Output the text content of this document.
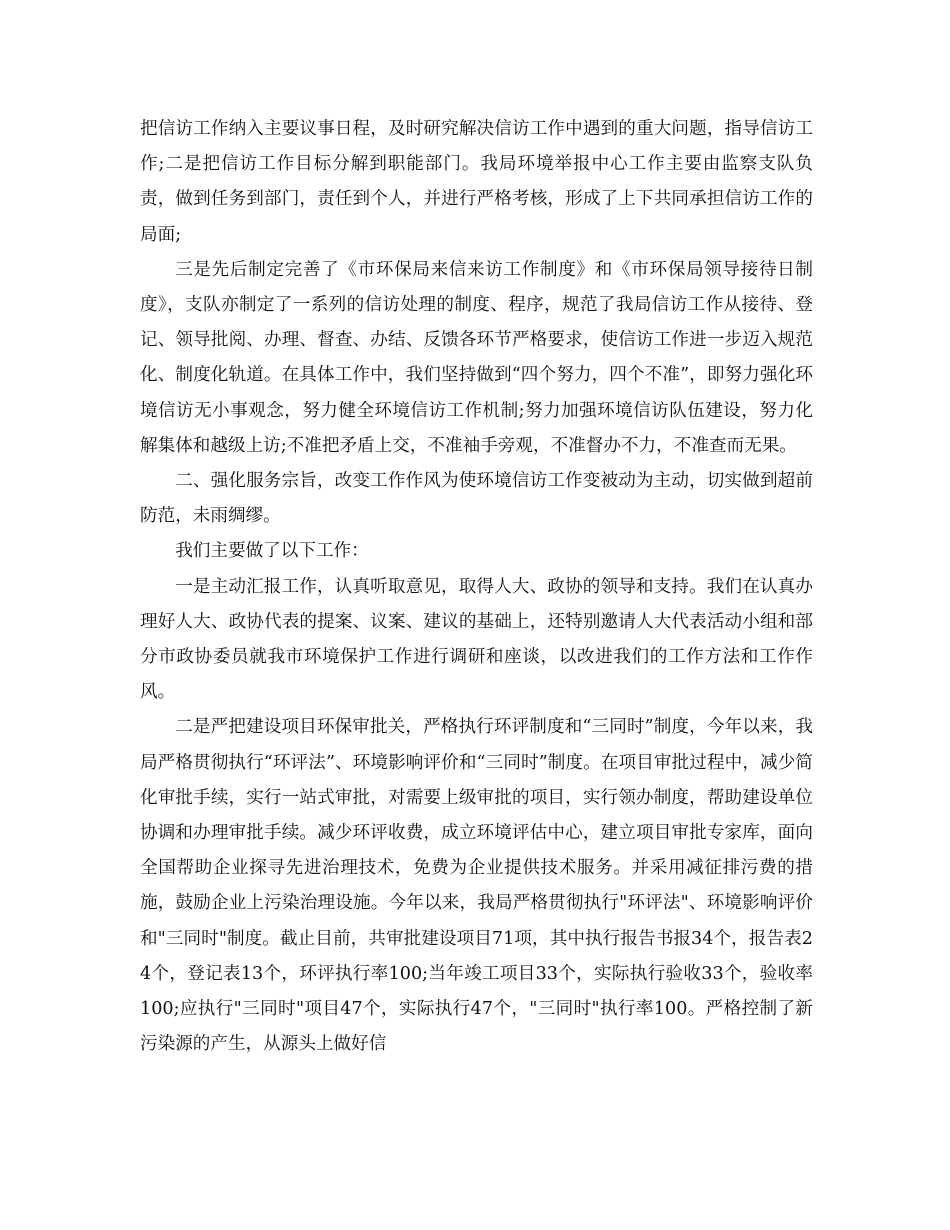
把信访工作纳入主要议事日程，及时研究解决信访工作中遇到的重大问题，指导信访工作;二是把信访工作目标分解到职能部门。我局环境举报中心工作主要由监察支队负责，做到任务到部门，责任到个人，并进行严格考核，形成了上下共同承担信访工作的局面;

三是先后制定完善了《市环保局来信来访工作制度》和《市环保局领导接待日制度》，支队亦制定了一系列的信访处理的制度、程序，规范了我局信访工作从接待、登记、领导批阅、办理、督查、办结、反馈各环节严格要求，使信访工作进一步迈入规范化、制度化轨道。在具体工作中，我们坚持做到“四个努力，四个不准”，即努力强化环境信访无小事观念，努力健全环境信访工作机制;努力加强环境信访队伍建设，努力化解集体和越级上访;不准把矛盾上交，不准袖手旁观，不准督办不力，不准查而无果。

二、强化服务宗旨，改变工作作风为使环境信访工作变被动为主动，切实做到超前防范，未雨绸缪。

我们主要做了以下工作：

一是主动汇报工作，认真听取意见，取得人大、政协的领导和支持。我们在认真办理好人大、政协代表的提案、议案、建议的基础上，还特别邀请人大代表活动小组和部分市政协委员就我市环境保护工作进行调研和座谈，以改进我们的工作方法和工作作风。

二是严把建设项目环保审批关，严格执行环评制度和“三同时”制度，今年以来，我局严格贯彻执行“环评法”、环境影响评价和“三同时”制度。在项目审批过程中，减少简化审批手续，实行一站式审批，对需要上级审批的项目，实行领办制度，帮助建设单位协调和办理审批手续。减少环评收费，成立环境评估中心，建立项目审批专家库，面向全国帮助企业探寻先进治理技术，免费为企业提供技术服务。并采用减征排污费的措施，鼓励企业上污染治理设施。今年以来，我局严格贯彻执行"环评法"、环境影响评价和"三同时"制度。截止目前，共审批建设项目71项，其中执行报告书报34个，报告表24个，登记表13个，环评执行率100;当年竣工项目33个，实际执行验收33个，验收率100;应执行"三同时"项目47个，实际执行47个，"三同时"执行率100。严格控制了新污染源的产生，从源头上做好信
